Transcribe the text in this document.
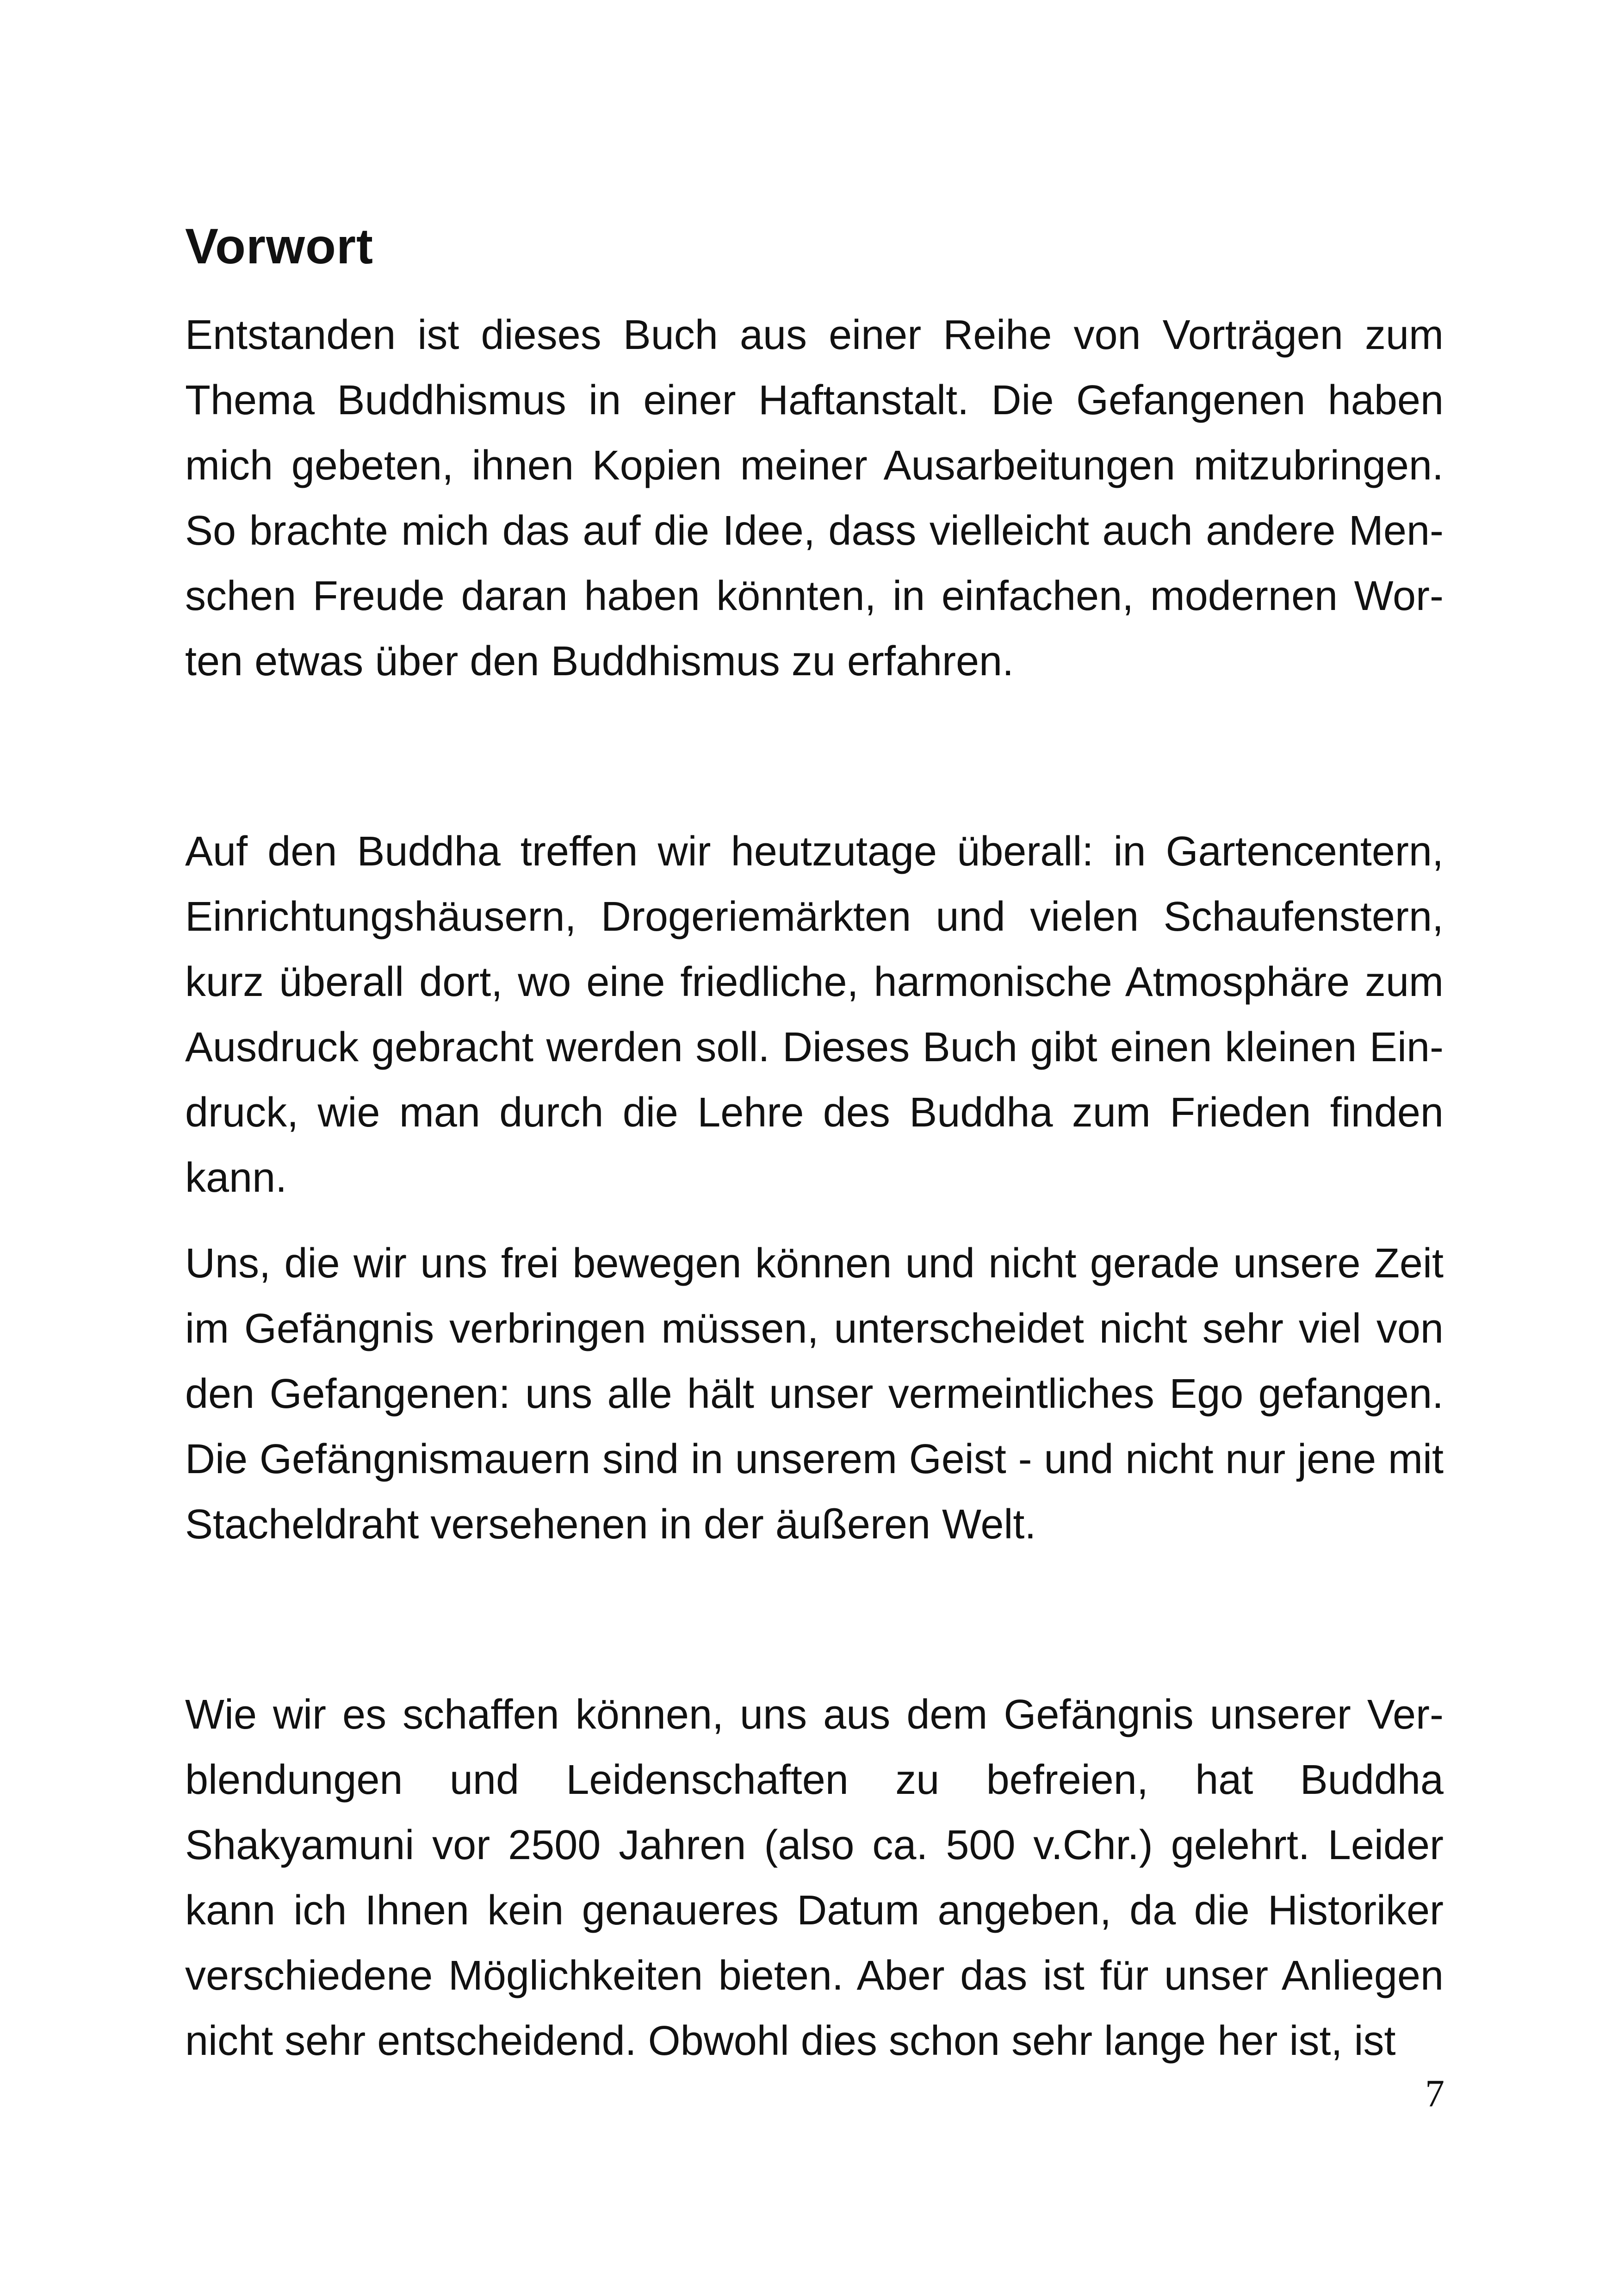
Vorwort

Entstanden ist dieses Buch aus einer Reihe von Vorträgen zum Thema Buddhismus in einer Haftanstalt. Die Gefangenen haben mich gebeten, ihnen Kopien meiner Ausarbeitungen mitzubringen. So brachte mich das auf die Idee, dass vielleicht auch andere Menschen Freude daran haben könnten, in einfachen, modernen Worten etwas über den Buddhismus zu erfahren.

Auf den Buddha treffen wir heutzutage überall: in Gartencentern, Einrichtungshäusern, Drogeriemärkten und vielen Schaufenstern, kurz überall dort, wo eine friedliche, harmonische Atmosphäre zum Ausdruck gebracht werden soll. Dieses Buch gibt einen kleinen Eindruck, wie man durch die Lehre des Buddha zum Frieden finden kann.

Uns, die wir uns frei bewegen können und nicht gerade unsere Zeit im Gefängnis verbringen müssen, unterscheidet nicht sehr viel von den Gefangenen: uns alle hält unser vermeintliches Ego gefangen. Die Gefängnismauern sind in unserem Geist - und nicht nur jene mit Stacheldraht versehenen in der äußeren Welt.

Wie wir es schaffen können, uns aus dem Gefängnis unserer Verblendungen und Leidenschaften zu befreien, hat Buddha Shakyamuni vor 2500 Jahren (also ca. 500 v.Chr.) gelehrt. Leider kann ich Ihnen kein genaueres Datum angeben, da die Historiker verschiedene Möglichkeiten bieten. Aber das ist für unser Anliegen nicht sehr entscheidend. Obwohl dies schon sehr lange her ist, ist

7
